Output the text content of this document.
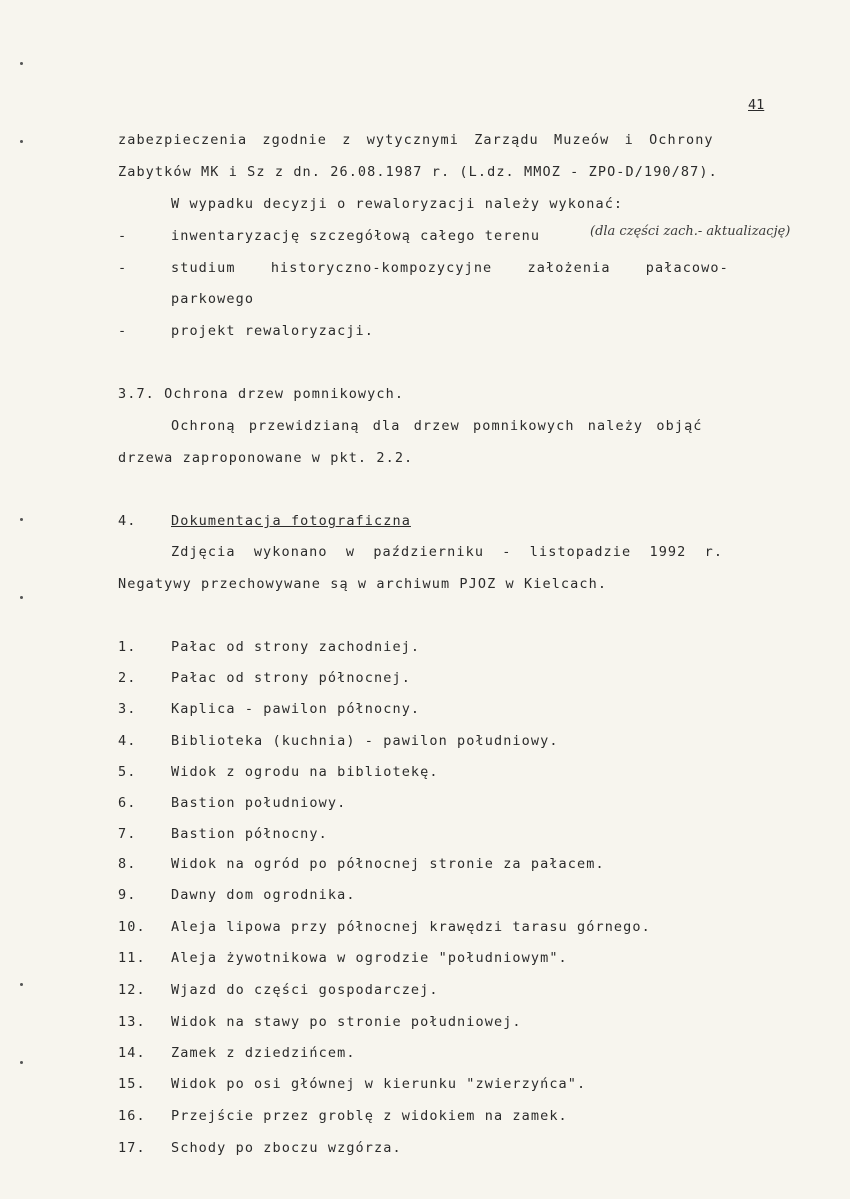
41
zabezpieczenia zgodnie z wytycznymi Zarządu Muzeów i Ochrony
Zabytków MK i Sz z dn. 26.08.1987 r. (L.dz. MMOZ - ZPO-D/190/87).
W wypadku decyzji o rewaloryzacji należy wykonać:
-	inwentaryzację szczegółową całego terenu	(dla części zach.- aktualizację)
-	studium historyczno-kompozycyjne założenia pałacowo-
parkowego
-	projekt rewaloryzacji.
3.7. Ochrona drzew pomnikowych.
Ochroną przewidzianą dla drzew pomnikowych należy objąć
drzewa zaproponowane w pkt. 2.2.
4.	Dokumentacja fotograficzna
Zdjęcia wykonano w październiku - listopadzie 1992 r.
Negatywy przechowywane są w archiwum PJOZ w Kielcach.
1.	Pałac od strony zachodniej.
2.	Pałac od strony północnej.
3.	Kaplica - pawilon północny.
4.	Biblioteka (kuchnia) - pawilon południowy.
5.	Widok z ogrodu na bibliotekę.
6.	Bastion południowy.
7.	Bastion północny.
8.	Widok na ogród po północnej stronie za pałacem.
9.	Dawny dom ogrodnika.
10. Aleja lipowa przy północnej krawędzi tarasu górnego.
11. Aleja żywotnikowa w ogrodzie "południowym".
12. Wjazd do części gospodarczej.
13. Widok na stawy po stronie południowej.
14. Zamek z dziedzińcem.
15. Widok po osi głównej w kierunku "zwierzyńca".
16. Przejście przez groblę z widokiem na zamek.
17. Schody po zboczu wzgórza.
